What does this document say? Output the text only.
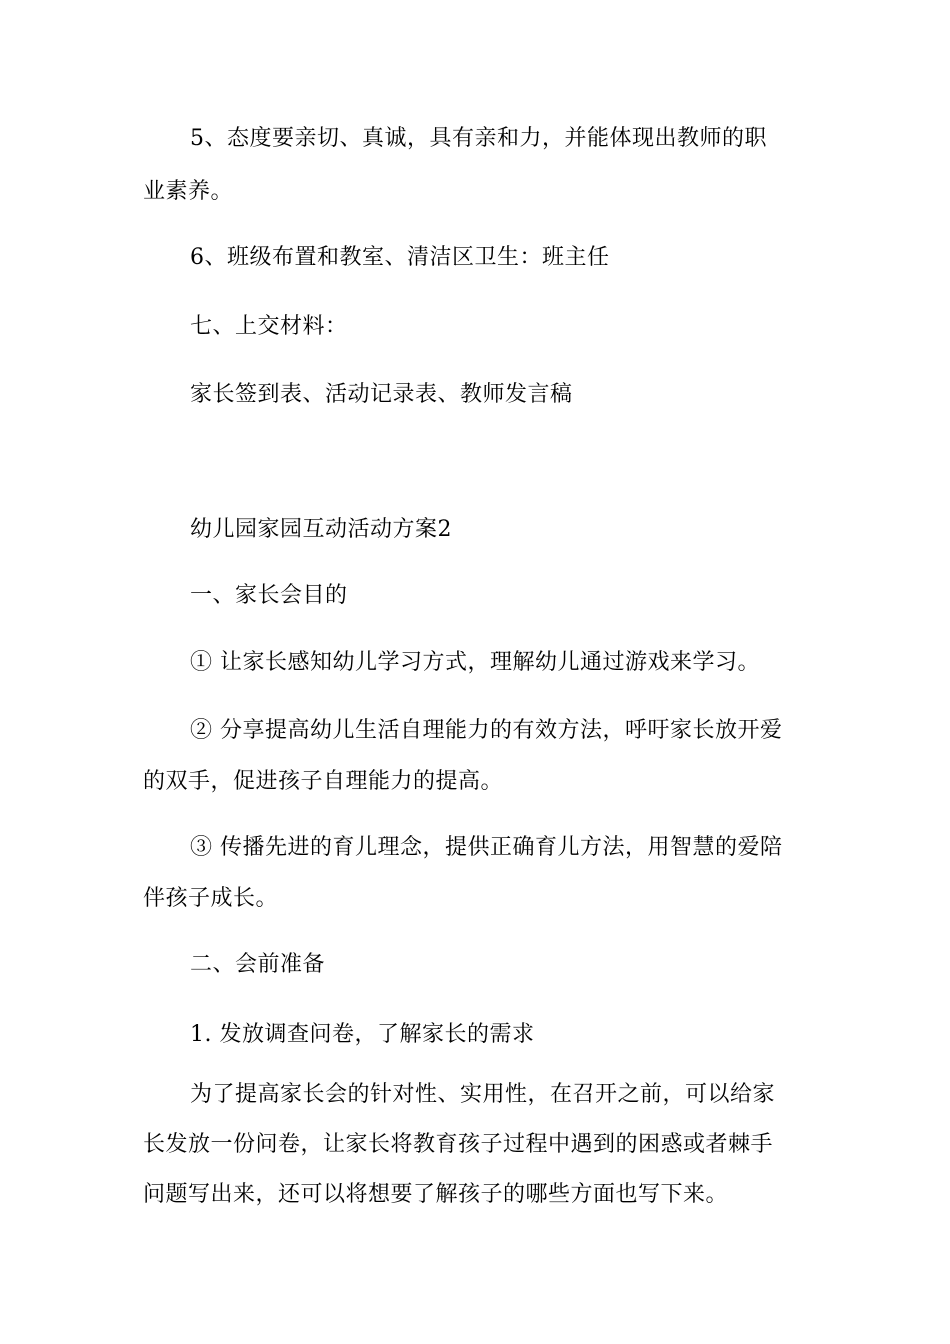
5、态度要亲切、真诚，具有亲和力，并能体现出教师的职
业素养。
6、班级布置和教室、清洁区卫生：班主任
七、上交材料：
家长签到表、活动记录表、教师发言稿
幼儿园家园互动活动方案2
一、家长会目的
① 让家长感知幼儿学习方式，理解幼儿通过游戏来学习。
② 分享提高幼儿生活自理能力的有效方法，呼吁家长放开爱
的双手，促进孩子自理能力的提高。
③ 传播先进的育儿理念，提供正确育儿方法，用智慧的爱陪
伴孩子成长。
二、会前准备
1. 发放调查问卷，了解家长的需求
为了提高家长会的针对性、实用性，在召开之前，可以给家
长发放一份问卷，让家长将教育孩子过程中遇到的困惑或者棘手
问题写出来，还可以将想要了解孩子的哪些方面也写下来。
